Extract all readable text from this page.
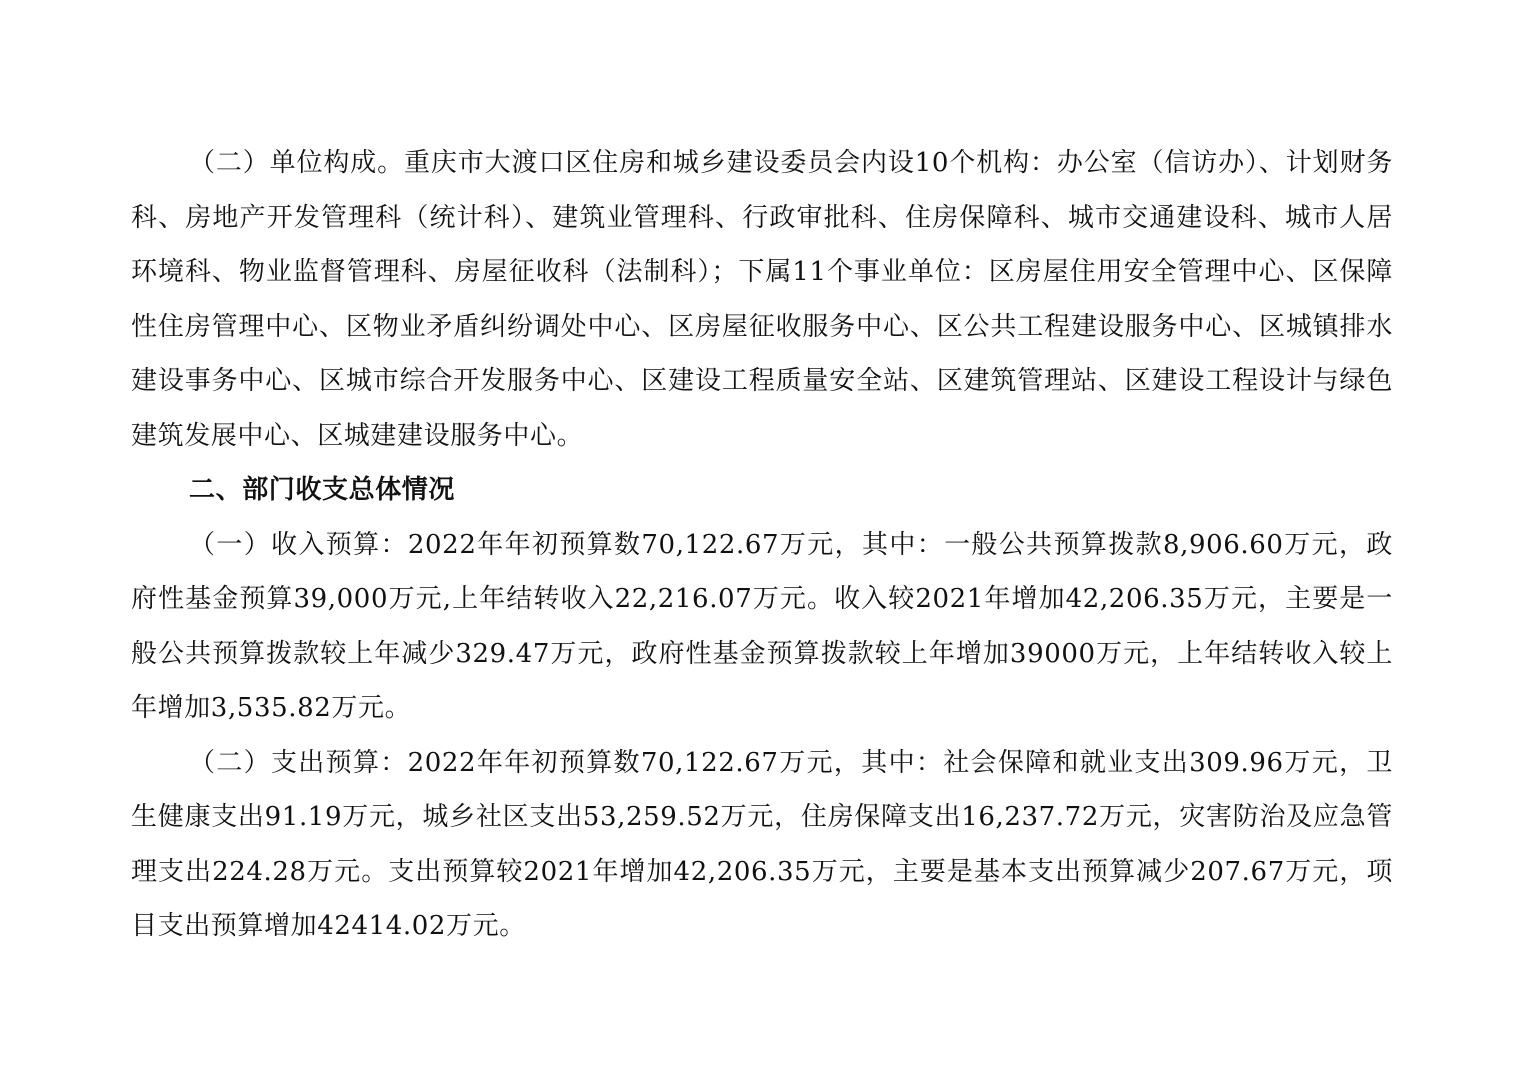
（二）单位构成。重庆市大渡口区住房和城乡建设委员会内设10个机构：办公室（信访办）、计划财务科、房地产开发管理科（统计科）、建筑业管理科、行政审批科、住房保障科、城市交通建设科、城市人居环境科、物业监督管理科、房屋征收科（法制科）；下属11个事业单位：区房屋住用安全管理中心、区保障性住房管理中心、区物业矛盾纠纷调处中心、区房屋征收服务中心、区公共工程建设服务中心、区城镇排水建设事务中心、区城市综合开发服务中心、区建设工程质量安全站、区建筑管理站、区建设工程设计与绿色建筑发展中心、区城建建设服务中心。

二、部门收支总体情况

（一）收入预算：2022年年初预算数70,122.67万元，其中：一般公共预算拨款8,906.60万元，政府性基金预算39,000万元,上年结转收入22,216.07万元。收入较2021年增加42,206.35万元，主要是一般公共预算拨款较上年减少329.47万元，政府性基金预算拨款较上年增加39000万元，上年结转收入较上年增加3,535.82万元。

（二）支出预算：2022年年初预算数70,122.67万元，其中：社会保障和就业支出309.96万元，卫生健康支出91.19万元，城乡社区支出53,259.52万元，住房保障支出16,237.72万元，灾害防治及应急管理支出224.28万元。支出预算较2021年增加42,206.35万元，主要是基本支出预算减少207.67万元，项目支出预算增加42414.02万元。
